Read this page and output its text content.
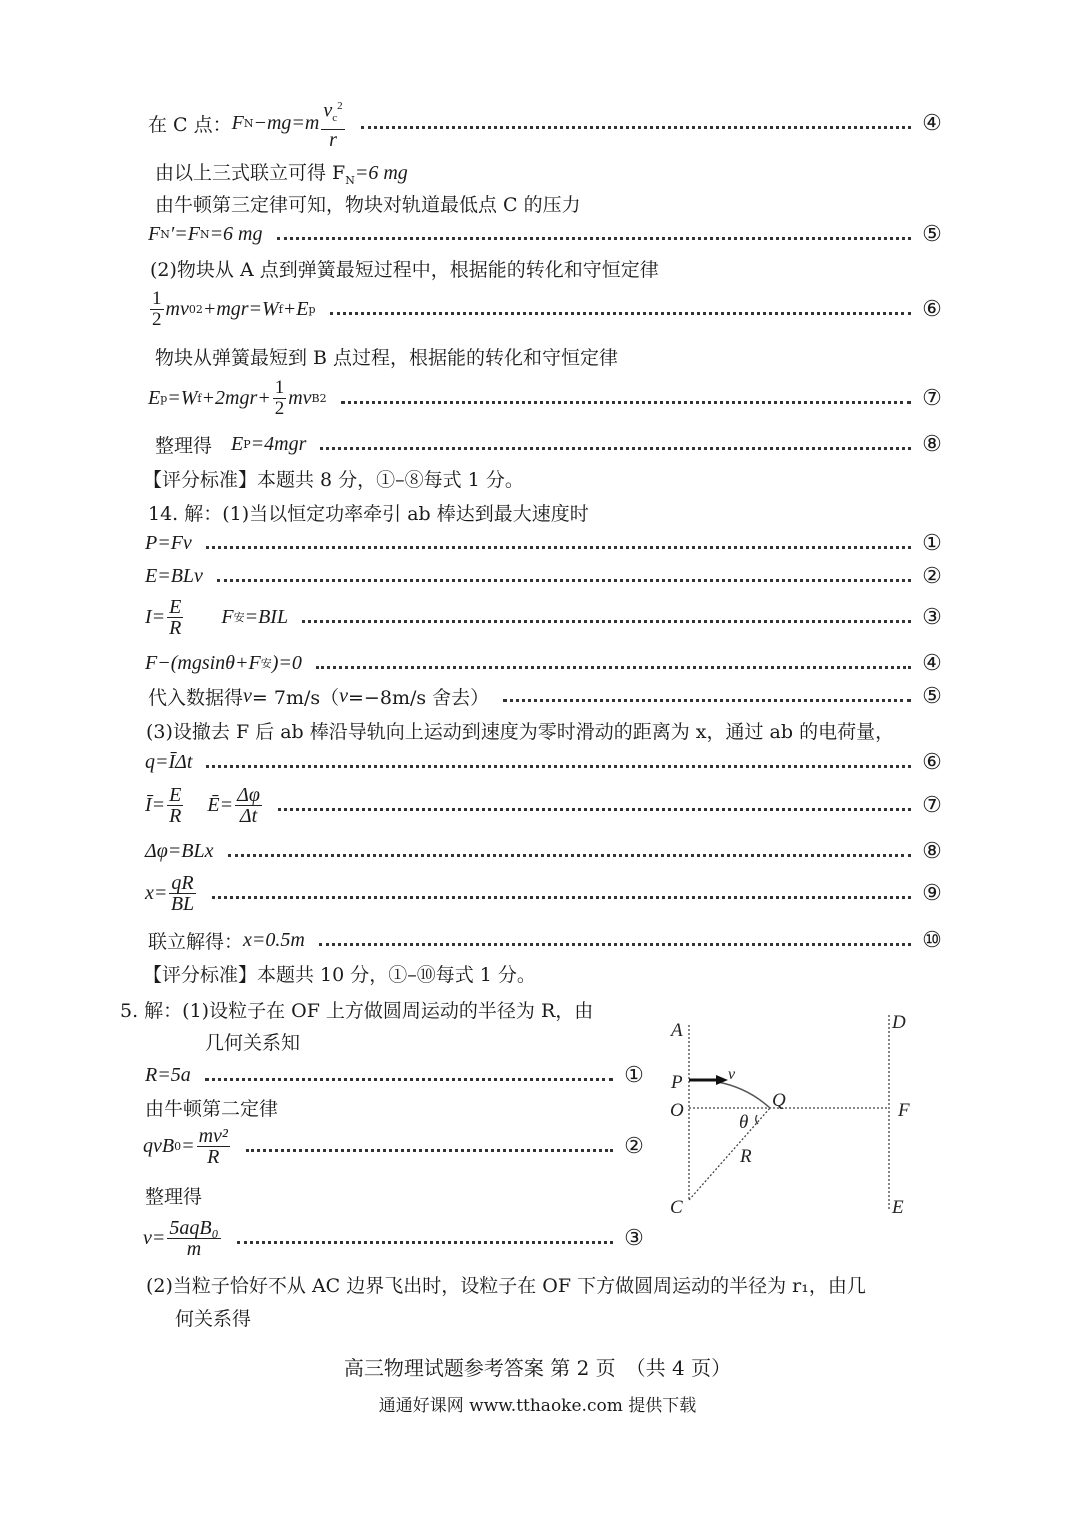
在 C 点： F $N -mg=m \frac{v_c^2}{r}$	④
由以上三式联立可得 $F_N=6$ mg
由牛顿第三定律可知，物块对轨道最低点 C 的压力
F N ′=F N =6 mg	⑤
(2)物块从 A 点到弹簧最短过程中，根据能的转化和守恒定律
$\frac{1}{2}$ mv 0 2 +mgr=W f +E p	⑥
物块从弹簧最短到 B 点过程，根据能的转化和守恒定律
E p =W $f +2mgr+ \frac{1}{2}$ mv B 2	⑦
整理得　 E P =4mgr	⑧
【评分标准】本题共 8 分，①–⑧每式 1 分。
14. 解：(1)当以恒定功率牵引 ab 棒达到最大速度时
P=Fv	①
E=BLv	②
$I= \frac{E}{R}$ F 安 =BIL	③
F−(mgsinθ+F 安 )=0	④
代入数据得 v = 7m/s（ v =−8m/s 舍去）	⑤
(3)设撤去 F 后 ab 棒沿导轨向上运动到速度为零时滑动的距离为 x，通过 ab 的电荷量，
q=ĪΔt	⑥
Ī= $\frac{E}{R}$ Ē= $\frac{\Delta\varphi}{\Delta t}$	⑦
Δφ=BLx	⑧
$x= \frac{qR}{BL}$	⑨
联立解得： x=0.5m	⑩
【评分标准】本题共 10 分，①–⑩每式 1 分。
5. 解：(1)设粒子在 OF 上方做圆周运动的半径为 R，由
几何关系知
R=5a	①
由牛顿第二定律
qvB $0 = \frac{\text{mv²}}{R}$	②
整理得
$v= \frac{\text{5aqB₀}}{m}$	③
(2)当粒子恰好不从 AC 边界飞出时，设粒子在 OF 下方做圆周运动的半径为 r₁，由几
何关系得
A	D
P	v
O	Q	F
θ
R
C	E
高三物理试题参考答案 第 2 页　（共 4 页）
通通好课网 www.tthaoke.com 提供下载
